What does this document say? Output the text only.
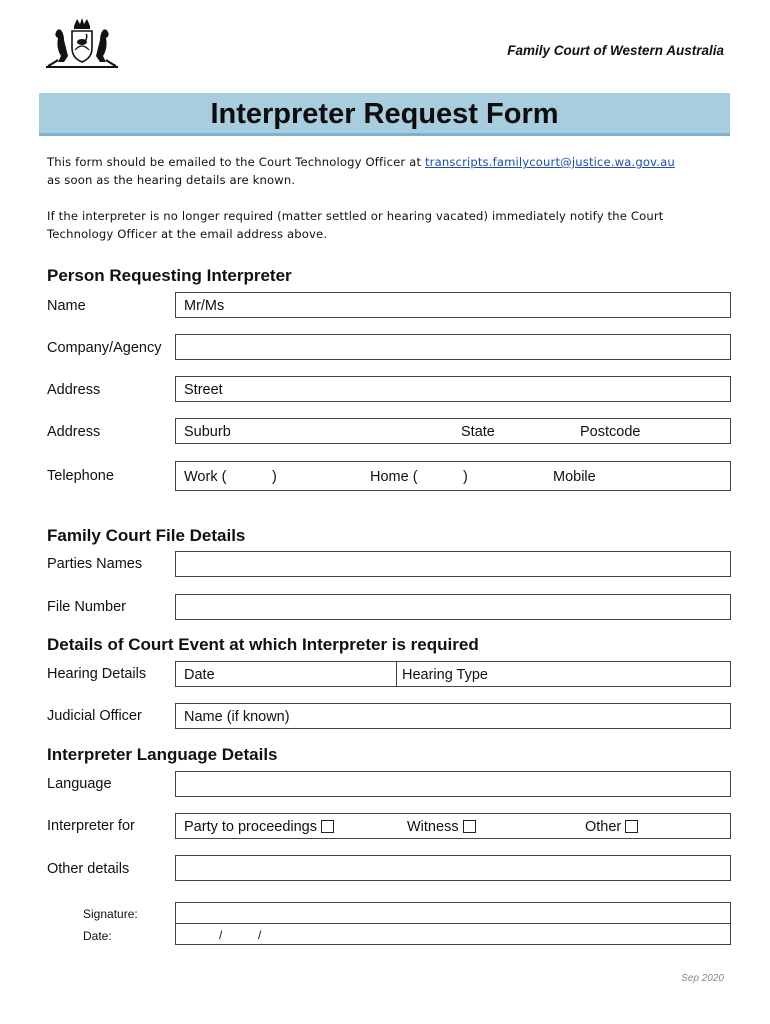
Family Court of Western Australia
Interpreter Request Form
This form should be emailed to the Court Technology Officer at transcripts.familycourt@justice.wa.gov.au
as soon as the hearing details are known.
If the interpreter is no longer required (matter settled or hearing vacated) immediately notify the Court Technology Officer at the email address above.
Person Requesting Interpreter
Name	Mr/Ms
Company/Agency
Address	Street
Address	Suburb	State	Postcode
Telephone	Work (	)	Home (	)	Mobile
Family Court File Details
Parties Names
File Number
Details of Court Event at which Interpreter is required
Hearing Details	Date	Hearing Type
Judicial Officer	Name (if known)
Interpreter Language Details
Language
Interpreter for	Party to proceedings	Witness	Other
Other details
Signature:
Date:	/	/
Sep 2020
